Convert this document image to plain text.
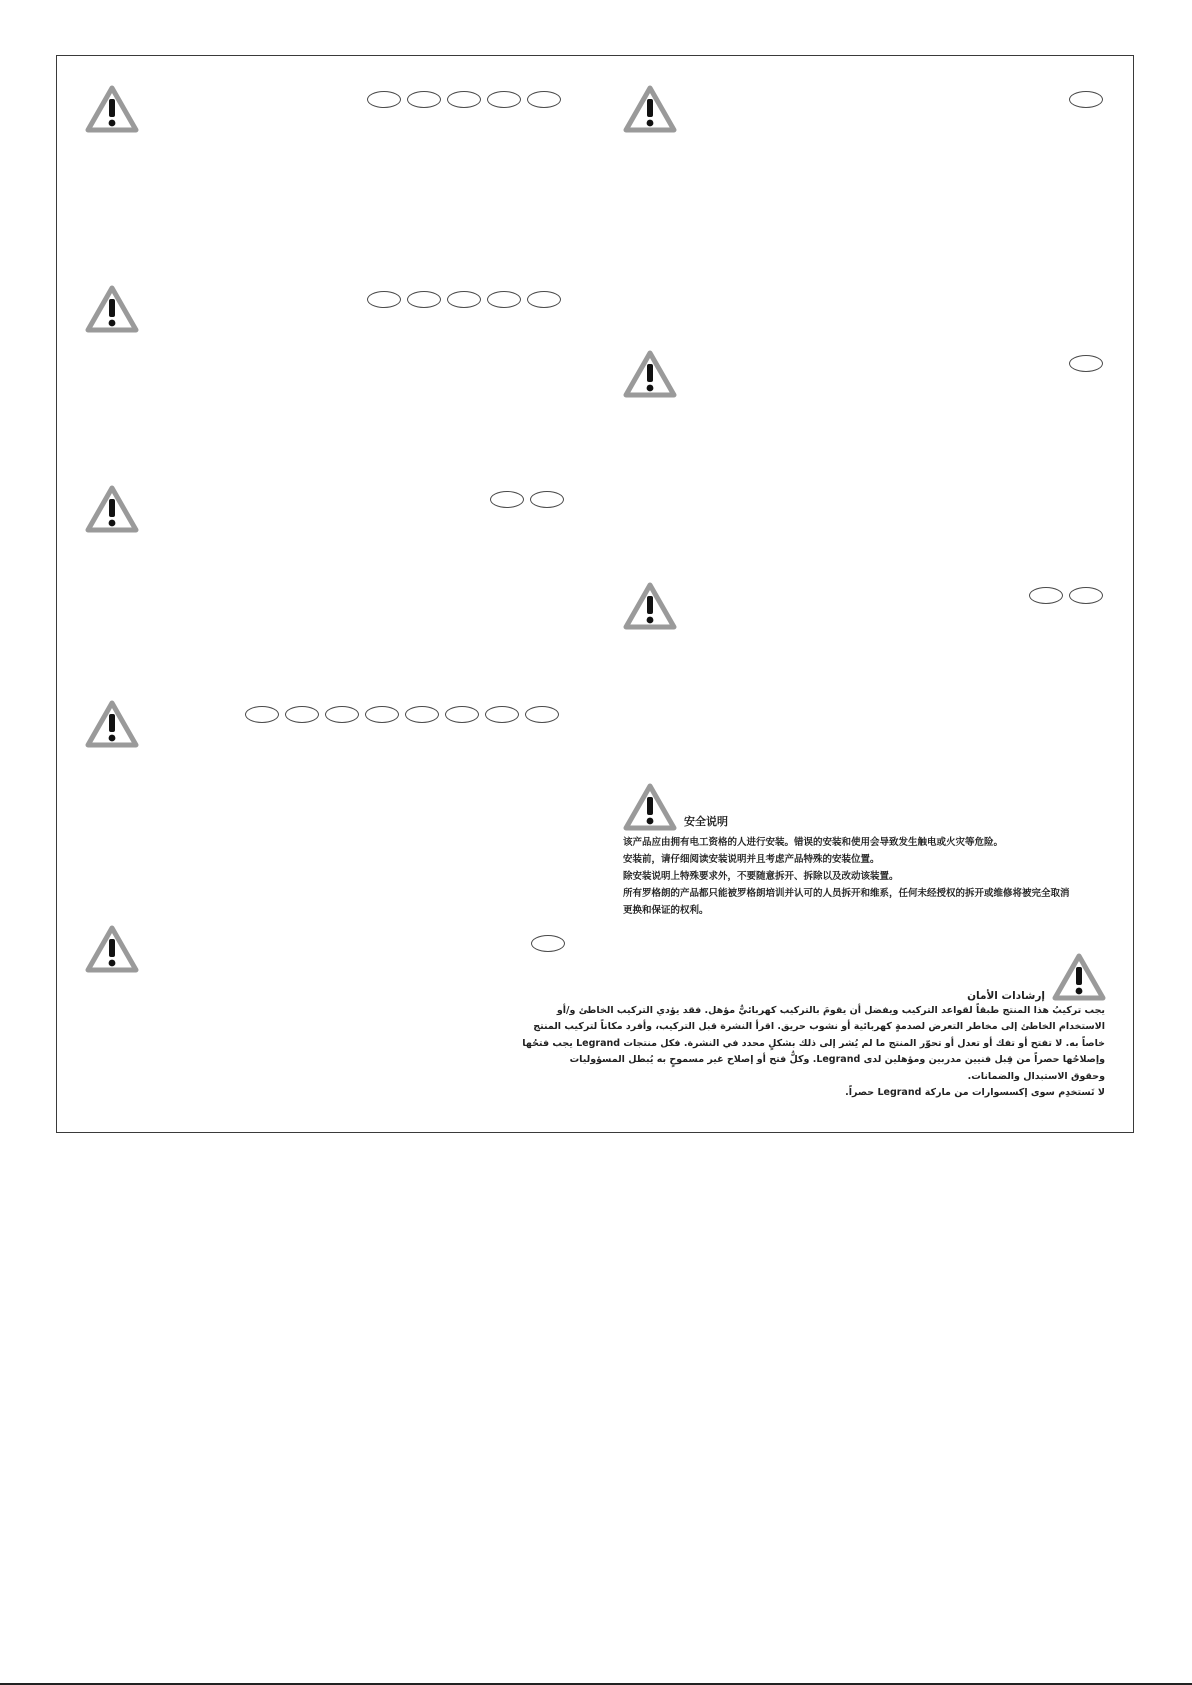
安全说明
该产品应由拥有电工资格的人进行安装。错误的安装和使用会导致发生触电或火灾等危险。
安装前，请仔细阅读安装说明并且考虑产品特殊的安装位置。
除安装说明上特殊要求外，不要随意拆开、拆除以及改动该装置。
所有罗格朗的产品都只能被罗格朗培训并认可的人员拆开和维系，任何未经授权的拆开或维修将被完全取消
更换和保证的权利。
إرشادات الأمان
يجب تركيبُ هذا المنتج طبقاً لقواعد التركيب ويفضل أن يقومَ بالتركيب كهربائيٌّ مؤهل. فقد يؤدي التركيب الخاطئ و/أو
الاستخدام الخاطئ إلى مخاطر التعرض لصدمةٍ كهربائية أو نشوب حريق. اقرأ النشرة قبل التركيب، وأفرد مكاناً لتركيب المنتج
خاصاً به. لا تفتح أو تفك أو تعدل أو تحوّر المنتج ما لم يُشر إلى ذلك بشكلٍ محدد في النشرة. فكل منتجات Legrand يجب فتحُها
وإصلاحُها حصراً من قِبل فنيين مدربين ومؤهلين لدى Legrand. وكلُّ فتح أو إصلاح غير مسموحٍ به يُبطل المسؤوليات
وحقوق الاستبدال والضمانات.
لا تَستخدِم سوى إكسسوارات من ماركة Legrand حصراً.
